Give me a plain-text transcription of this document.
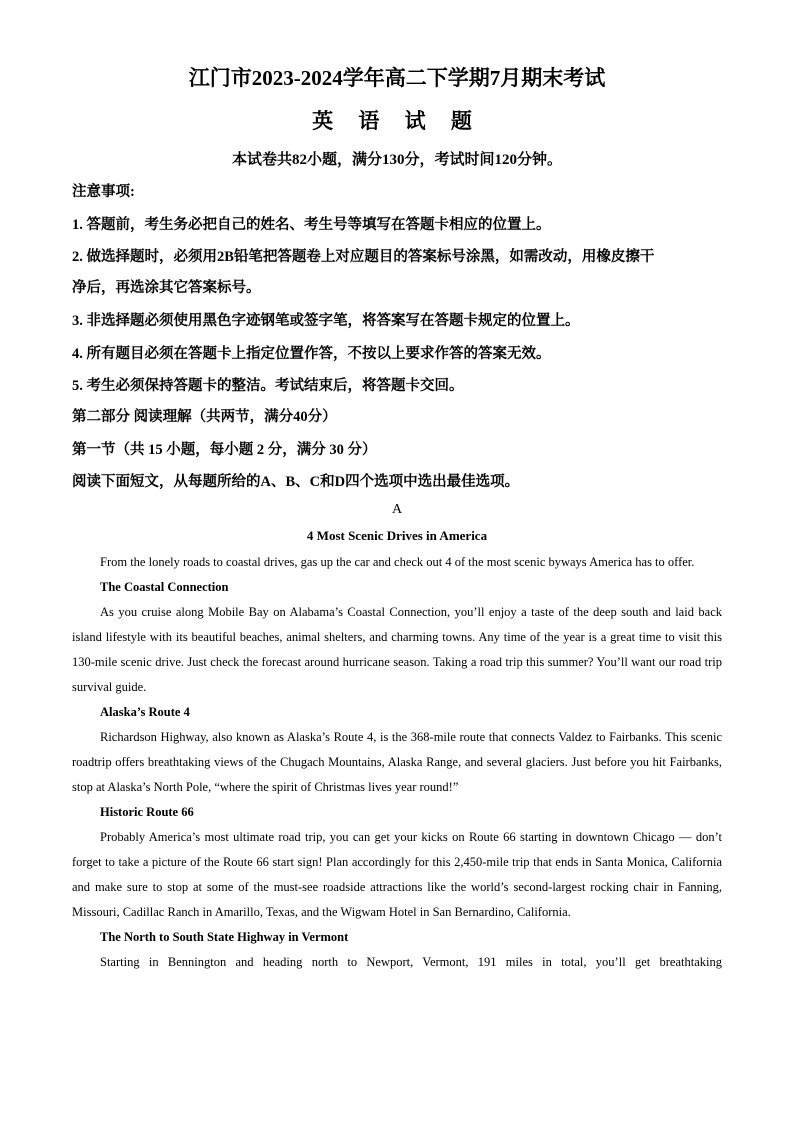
江门市2023-2024学年高二下学期7月期末考试
英 语 试 题
本试卷共82小题，满分130分，考试时间120分钟。
注意事项:
1. 答题前，考生务必把自己的姓名、考生号等填写在答题卡相应的位置上。
2. 做选择题时，必须用2B铅笔把答题卷上对应题目的答案标号涂黑，如需改动，用橡皮擦干
净后，再选涂其它答案标号。
3. 非选择题必须使用黑色字迹钢笔或签字笔，将答案写在答题卡规定的位置上。
4. 所有题目必须在答题卡上指定位置作答，不按以上要求作答的答案无效。
5. 考生必须保持答题卡的整洁。考试结束后，将答题卡交回。
第二部分 阅读理解（共两节，满分40分）
第一节（共 15 小题，每小题 2 分，满分 30 分）
阅读下面短文，从每题所给的A、B、C和D四个选项中选出最佳选项。
A
4 Most Scenic Drives in America

From the lonely roads to coastal drives, gas up the car and check out 4 of the most scenic byways America has to offer.

The Coastal Connection

As you cruise along Mobile Bay on Alabama’s Coastal Connection, you’ll enjoy a taste of the deep south and laid back island lifestyle with its beautiful beaches, animal shelters, and charming towns. Any time of the year is a great time to visit this 130-mile scenic drive. Just check the forecast around hurricane season. Taking a road trip this summer? You’ll want our road trip survival guide.

Alaska’s Route 4

Richardson Highway, also known as Alaska’s Route 4, is the 368-mile route that connects Valdez to Fairbanks. This scenic roadtrip offers breathtaking views of the Chugach Mountains, Alaska Range, and several glaciers. Just before you hit Fairbanks, stop at Alaska’s North Pole, “where the spirit of Christmas lives year round!”

Historic Route 66

Probably America’s most ultimate road trip, you can get your kicks on Route 66 starting in downtown Chicago — don’t forget to take a picture of the Route 66 start sign! Plan accordingly for this 2,450-mile trip that ends in Santa Monica, California and make sure to stop at some of the must-see roadside attractions like the world’s second-largest rocking chair in Fanning, Missouri, Cadillac Ranch in Amarillo, Texas, and the Wigwam Hotel in San Bernardino, California.

The North to South State Highway in Vermont

Starting in Bennington and heading north to Newport, Vermont, 191 miles in total, you’ll get breathtaking
